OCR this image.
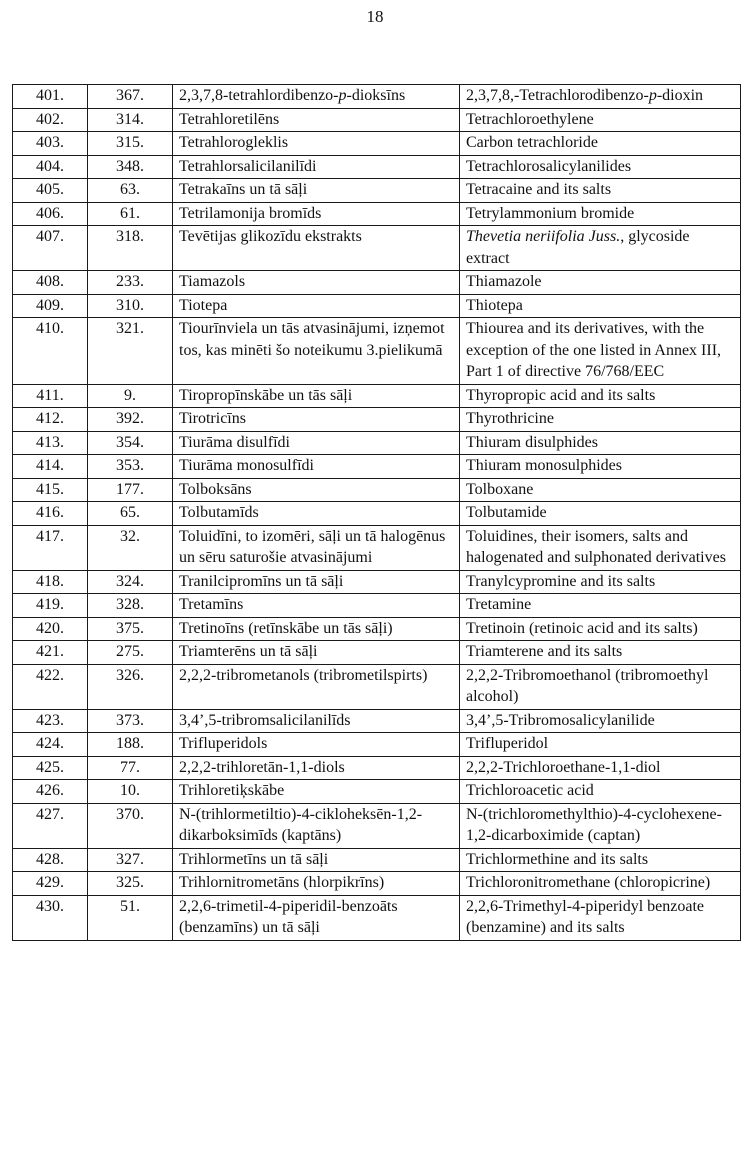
18
401.	367.	2,3,7,8-tetrahlordibenzo-p-dioksīns	2,3,7,8,-Tetrachlorodibenzo-p-dioxin
402.	314.	Tetrahloretilēns	Tetrachloroethylene
403.	315.	Tetrahlorogleklis	Carbon tetrachloride
404.	348.	Tetrahlorsalicilanilīdi	Tetrachlorosalicylanilides
405.	63.	Tetrakaīns un tā sāļi	Tetracaine and its salts
406.	61.	Tetrilamonija bromīds	Tetrylammonium bromide
407.	318.	Tevētijas glikozīdu ekstrakts	Thevetia neriifolia Juss., glycoside extract
408.	233.	Tiamazols	Thiamazole
409.	310.	Tiotepa	Thiotepa
410.	321.	Tiourīnviela un tās atvasinājumi, izņemot tos, kas minēti šo noteikumu 3.pielikumā	Thiourea and its derivatives, with the exception of the one listed in Annex III, Part 1 of directive 76/768/EEC
411.	9.	Tiropropīnskābe un tās sāļi	Thyropropic acid and its salts
412.	392.	Tirotricīns	Thyrothricine
413.	354.	Tiurāma disulfīdi	Thiuram disulphides
414.	353.	Tiurāma monosulfīdi	Thiuram monosulphides
415.	177.	Tolboksāns	Tolboxane
416.	65.	Tolbutamīds	Tolbutamide
417.	32.	Toluidīni, to izomēri, sāļi un tā halogēnus un sēru saturošie atvasinājumi	Toluidines, their isomers, salts and halogenated and sulphonated derivatives
418.	324.	Tranilcipromīns un tā sāļi	Tranylcypromine and its salts
419.	328.	Tretamīns	Tretamine
420.	375.	Tretinoīns (retīnskābe un tās sāļi)	Tretinoin (retinoic acid and its salts)
421.	275.	Triamterēns un tā sāļi	Triamterene and its salts
422.	326.	2,2,2-tribrometanols (tribrometilspirts)	2,2,2-Tribromoethanol (tribromoethyl alcohol)
423.	373.	3,4’,5-tribromsalicilanilīds	3,4’,5-Tribromosalicylanilide
424.	188.	Trifluperidols	Trifluperidol
425.	77.	2,2,2-trihloretān-1,1-diols	2,2,2-Trichloroethane-1,1-diol
426.	10.	Trihloretiķskābe	Trichloroacetic acid
427.	370.	N-(trihlormetiltio)-4-cikloheksēn-1,2-dikarboksimīds (kaptāns)	N-(trichloromethylthio)-4-cyclohexene-1,2-dicarboximide (captan)
428.	327.	Trihlormetīns un tā sāļi	Trichlormethine and its salts
429.	325.	Trihlornitrometāns (hlorpikrīns)	Trichloronitromethane (chloropicrine)
430.	51.	2,2,6-trimetil-4-piperidil-benzoāts (benzamīns) un tā sāļi	2,2,6-Trimethyl-4-piperidyl benzoate (benzamine) and its salts
